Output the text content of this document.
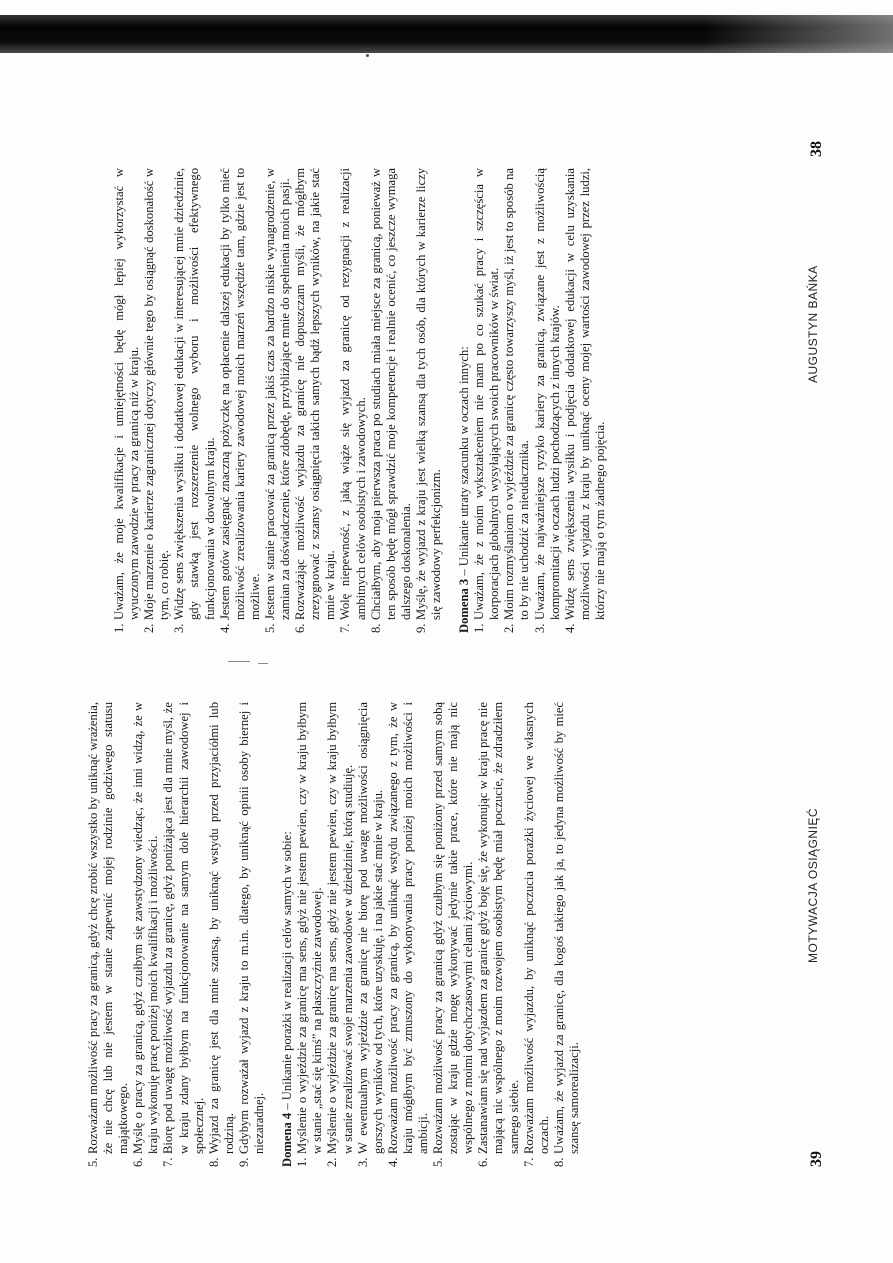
38
AUGUSTYN BAŃKA
1.
Uważam, że moje kwalifikacje i umiejętności będę mógł lepiej wykorzystać w wyuczonym zawodzie w pracy za granicą niż w kraju.
2.
Moje marzenie o karierze zagranicznej dotyczy głównie tego by osiągnąć doskonałość w tym, co robię.
3.
Widzę sens zwiększenia wysiłku i dodatkowej edukacji w interesującej mnie dziedzinie, gdy stawką jest rozszerzenie wolnego wyboru i możliwości efektywnego funkcjonowania w dowolnym kraju.
4.
Jestem gotów zasięgnąć znaczną pożyczkę na opłacenie dalszej edukacji by tylko mieć możliwość zrealizowania kariery zawodowej moich marzeń wszędzie tam, gdzie jest to możliwe.
5.
Jestem w stanie pracować za granicą przez jakiś czas za bardzo niskie wynagrodzenie, w zamian za doświadczenie, które zdobędę, przybliżające mnie do spełnienia moich pasji.
6.
Rozważając możliwość wyjazdu za granicę nie dopuszczam myśli, że mógłbym zrezygnować z szansy osiągnięcia takich samych bądź lepszych wyników, na jakie stać mnie w kraju.
7.
Wolę niepewność, z jaką wiąże się wyjazd za granicę od rezygnacji z realizacji ambitnych celów osobistych i zawodowych.
8.
Chciałbym, aby moja pierwsza praca po studiach miała miejsce za granicą, ponieważ w ten sposób będę mógł sprawdzić moje kompetencje i realnie ocenić, co jeszcze wymaga dalszego doskonalenia.
9.
Myślę, że wyjazd z kraju jest wielką szansą dla tych osób, dla których w karierze liczy się zawodowy perfekcjonizm. Domena 3 – Unikanie utraty szacunku w oczach innych:
1.
Uważam, że z moim wykształceniem nie mam po co szukać pracy i szczęścia w korporacjach globalnych wysyłających swoich pracowników w świat.
2.
Moim rozmyślaniom o wyjeździe za granicę często towarzyszy myśl, iż jest to sposób na to by nie uchodzić za nieudacznika.
3.
Uważam, że najważniejsze ryzyko kariery za granicą, związane jest z możliwością kompromitacji w oczach ludzi pochodzących z innych krajów.
4.
Widzę sens zwiększenia wysiłku i podjęcia dodatkowej edukacji w celu uzyskania możliwości wyjazdu z kraju by uniknąć oceny mojej wartości zawodowej przez ludzi, którzy nie mają o tym żadnego pojęcia.
39
MOTYWACJA OSIĄGNIĘĆ
5.
Rozważam możliwość pracy za granicą, gdyż chcę zrobić wszystko by uniknąć wrażenia, że nie chcę lub nie jestem w stanie zapewnić mojej rodzinie godziwego statusu majątkowego.
6.
Myślę o pracy za granicą, gdyż czułbym się zawstydzony wiedząc, że inni widzą, że w kraju wykonuję pracę poniżej moich kwalifikacji i możliwości.
7.
Biorę pod uwagę możliwość wyjazdu za granicę, gdyż poniżająca jest dla mnie myśl, że w kraju zdany byłbym na funkcjonowanie na samym dole hierarchii zawodowej i społecznej.
8.
Wyjazd za granicę jest dla mnie szansą, by uniknąć wstydu przed przyjaciółmi lub rodziną.
9.
Gdybym rozważał wyjazd z kraju to m.in. dlatego, by uniknąć opinii osoby biernej i niezaradnej. Domena 4 – Unikanie porażki w realizacji celów samych w sobie:
1.
Myślenie o wyjeździe za granicę ma sens, gdyż nie jestem pewien, czy w kraju byłbym w stanie „stać się kimś” na płaszczyźnie zawodowej.
2.
Myślenie o wyjeździe za granicę ma sens, gdyż nie jestem pewien, czy w kraju byłbym w stanie zrealizować swoje marzenia zawodowe w dziedzinie, którą studiuję.
3.
W ewentualnym wyjeździe za granicę nie biorę pod uwagę możliwości osiągnięcia gorszych wyników od tych, które uzyskuję, i na jakie stać mnie w kraju.
4.
Rozważam możliwość pracy za granicą, by uniknąć wstydu związanego z tym, że w kraju mógłbym być zmuszony do wykonywania pracy poniżej moich możliwości i ambicji.
5.
Rozważam możliwość pracy za granicą gdyż czułbym się poniżony przed samym sobą zostając w kraju gdzie mogę wykonywać jedynie takie prace, które nie mają nic wspólnego z moimi dotychczasowymi celami życiowymi.
6.
Zastanawiam się nad wyjazdem za granicę gdyż boję się, że wykonując w kraju pracę nie mającą nic wspólnego z moim rozwojem osobistym będę miał poczucie, że zdradziłem samego siebie.
7.
Rozważam możliwość wyjazdu, by uniknąć poczucia porażki życiowej we własnych oczach.
8.
Uważam, że wyjazd za granicę, dla kogoś takiego jak ja, to jedyna możliwość by mieć szansę samorealizacji.
